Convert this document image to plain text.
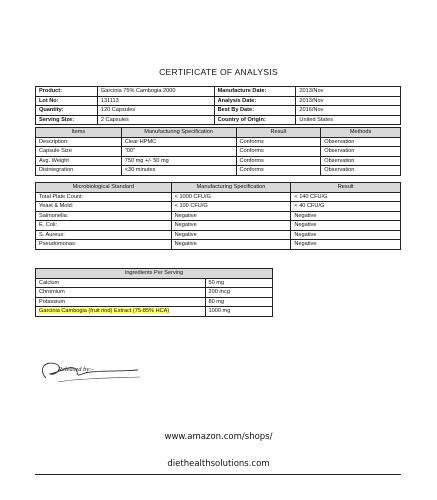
CERTIFICATE OF ANALYSIS
Product:	Garcinia 75% Cambogia 2000	Manufacture Date:	2013/Nov
Lot No:	131113	Analysis Date:	2013/Nov
Quantity:	120 Capsules	Best By Date:	2016/Nov
Serving Size:	2 Capsules	Country of Origin:	United States
Items	Manufacturing Specification	Result	Methods
Description:	Clear HPMC	Conforms	Observation
Capsule Size	"00"	Conforms	Observation
Avg. Weight	750 mg +/- 50 mg	Conforms	Observation
Disintegration	<30 minutes	Conforms	Observation
Microbiological Standard	Manufacturing Specification	Result
Total Plate Count:	< 1000 CFU/G	< 140 CFU/G
Yeast & Mold:	< 100 CFU/G	< 40 CFU/G
Salmonella:	Negative	Negative
E. Coli:	Negative	Negative
S. Aureus:	Negative	Negative
Pseudomonas:	Negative	Negative
Ingredients Per Serving	
Calcium	50 mg
Chromium	200 mcg
Potassium	80 mg
Garcinia Cambogia (fruit rind) Extract (75-85% HCA)	1000 mg
Released by:-
www.amazon.com/shops/
diethealthsolutions.com
